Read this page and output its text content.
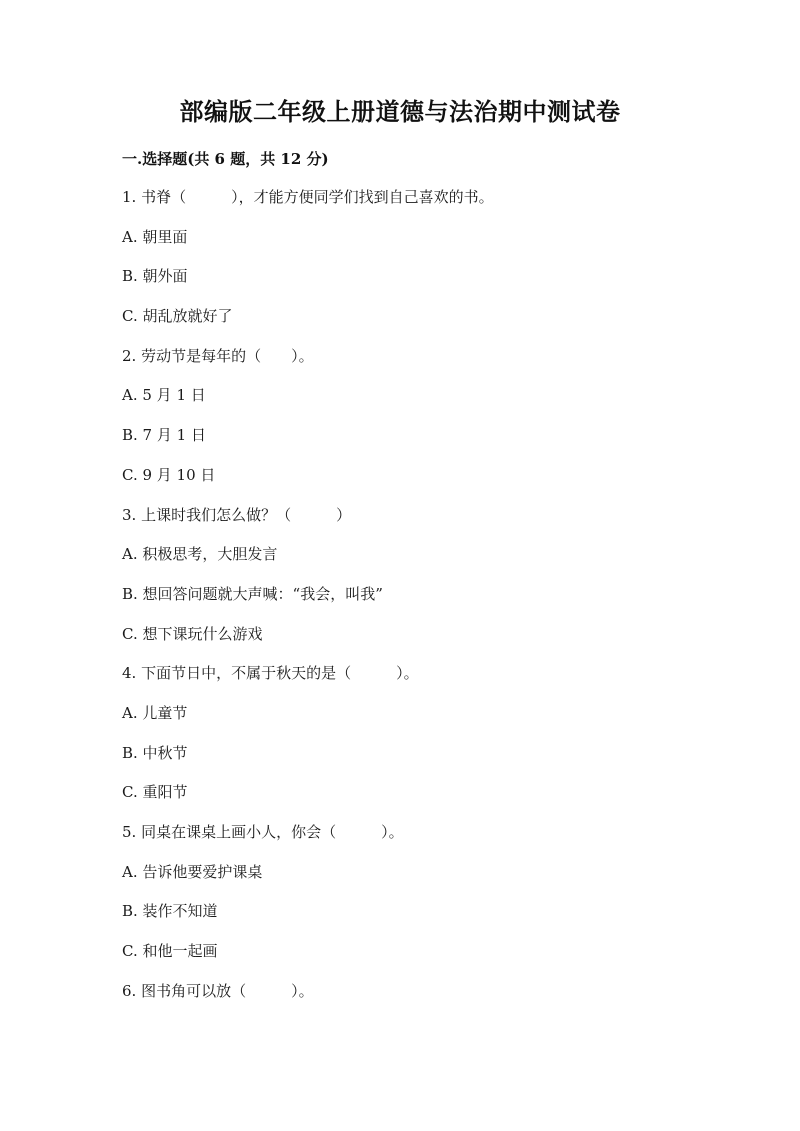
部编版二年级上册道德与法治期中测试卷
一.选择题(共 6 题，共 12 分)
1. 书脊（　　　），才能方便同学们找到自己喜欢的书。
A. 朝里面
B. 朝外面
C. 胡乱放就好了
2. 劳动节是每年的（　　）。
A. 5 月 1 日
B. 7 月 1 日
C. 9 月 10 日
3. 上课时我们怎么做？（　　　）
A. 积极思考，大胆发言
B. 想回答问题就大声喊：“我会，叫我”
C. 想下课玩什么游戏
4. 下面节日中，不属于秋天的是（　　　）。
A. 儿童节
B. 中秋节
C. 重阳节
5. 同桌在课桌上画小人，你会（　　　）。
A. 告诉他要爱护课桌
B. 装作不知道
C. 和他一起画
6. 图书角可以放（　　　）。
